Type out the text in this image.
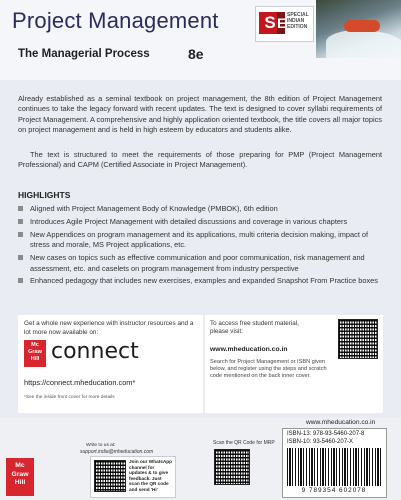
Project Management
The Managerial Process	8e
S E SPECIAL INDIAN EDITION
Already established as a seminal textbook on project management, the 8th edition of Project Management continues to take the legacy forward with recent updates. The text is designed to cover syllabi requirements of Project Management. A comprehensive and highly application oriented textbook, the title covers all major topics on project management and is held in high esteem by educators and students alike.
The text is structured to meet the requirements of those preparing for PMP (Project Management Professional) and CAPM (Certified Associate in Project Management).
HIGHLIGHTS
Aligned with Project Management Body of Knowledge (PMBOK), 6th edition
Introduces Agile Project Management with detailed discussions and coverage in various chapters
New Appendices on program management and its applications, multi criteria decision making, impact of stress and morale, MS Project applications, etc.
New cases on topics such as effective communication and poor communication, risk management and assessment, etc. and caselets on program management from industry perspective
Enhanced pedagogy that includes new exercises, examples and expanded Snapshot From Practice boxes
Get a whole new experience with instructor resources and a lot more now available on:
Mc Graw Hill connect
https://connect.mheducation.com*
*See the inside front cover for more details
To access free student material, please visit:
www.mheducation.co.in
Search for Project Management or ISBN given below, and register using the steps and scratch code mentioned on the back inner cover.
Mc Graw Hill
Write to us at:
support.india@mheducation.com
Join our WhatsApp channel for updates & to give feedback. Just scan the QR code and send 'Hi'
Scan the QR Code for MRP
www.mheducation.co.in
ISBN-13: 978-93-5460-207-8
ISBN-10: 93-5460-207-X
9 789354 602078
